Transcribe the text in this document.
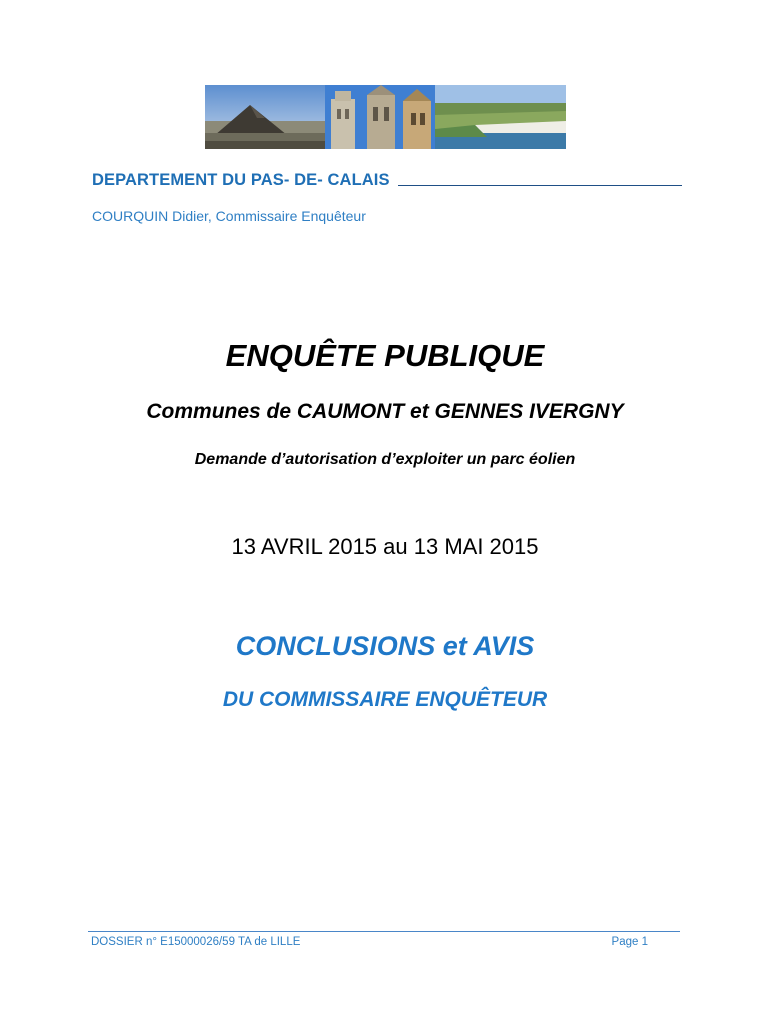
DEPARTEMENT DU PAS- DE- CALAIS
COURQUIN Didier, Commissaire Enquêteur
ENQUÊTE PUBLIQUE
Communes de CAUMONT et GENNES IVERGNY
Demande d’autorisation d’exploiter un parc éolien
13 AVRIL 2015 au 13 MAI 2015
CONCLUSIONS et AVIS
DU COMMISSAIRE ENQUÊTEUR
DOSSIER n° E15000026/59 TA de LILLE	Page 1
